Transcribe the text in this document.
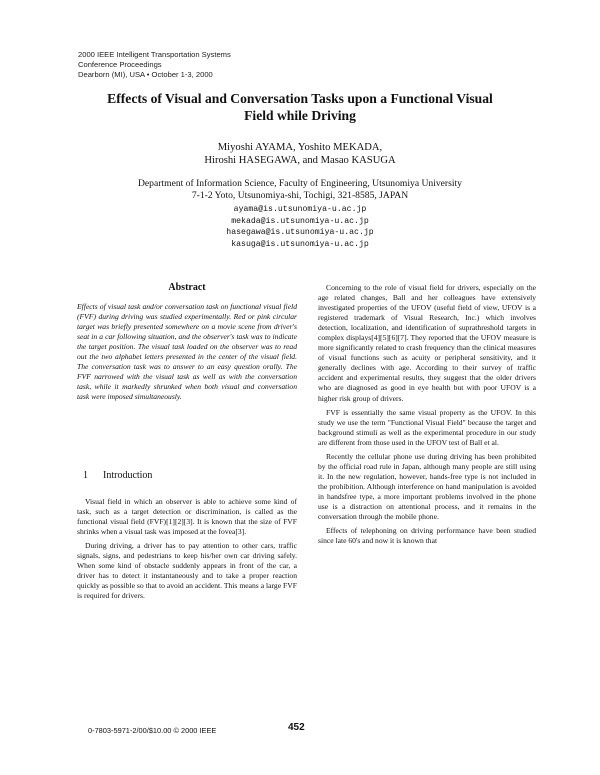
2000 IEEE Intelligent Transportation Systems
Conference Proceedings
Dearborn (MI), USA • October 1-3, 2000
Effects of Visual and Conversation Tasks upon a Functional Visual
Field while Driving
Miyoshi AYAMA, Yoshito MEKADA,
Hiroshi HASEGAWA, and Masao KASUGA
Department of Information Science, Faculty of Engineering, Utsunomiya University
7-1-2 Yoto, Utsunomiya-shi, Tochigi, 321-8585, JAPAN
ayama@is.utsunomiya-u.ac.jp
mekada@is.utsunomiya-u.ac.jp
hasegawa@is.utsunomiya-u.ac.jp
kasuga@is.utsunomiya-u.ac.jp
Abstract

Effects of visual task and/or conversation task on functional visual field (FVF) during driving was studied experimentally. Red or pink circular target was briefly presented somewhere on a movie scene from driver's seat in a car following situation, and the observer's task was to indicate the target position. The visual task loaded on the observer was to read out the two alphabet letters presented in the center of the visual field. The conversation task was to answer to an easy question orally. The FVF narrowed with the visual task as well as with the conversation task, while it markedly shrunked when both visual and conversation task were imposed simultaneously.

1 Introduction

Visual field in which an observer is able to achieve some kind of task, such as a target detection or discrimination, is called as the functional visual field (FVF)[1][2][3]. It is known that the size of FVF shrinks when a visual task was imposed at the fovea[3].

During driving, a driver has to pay attention to other cars, traffic signals, signs, and pedestrians to keep his/her own car driving safely. When some kind of obstacle suddenly appears in front of the car, a driver has to detect it instantaneously and to take a proper reaction quickly as possible so that to avoid an accident. This means a large FVF is required for drivers.

Concerning to the role of visual field for drivers, especially on the age related changes, Ball and her colleagues have extensively investigated properties of the UFOV (useful field of view, UFOV is a registered trademark of Visual Research, Inc.) which involves detection, localization, and identification of suprathreshold targets in complex displays[4][5][6][7]. They reported that the UFOV measure is more significantly related to crash frequency than the clinical measures of visual functions such as acuity or peripheral sensitivity, and it generally declines with age. According to their survey of traffic accident and experimental results, they suggest that the older drivers who are diagnosed as good in eye health but with poor UFOV is a higher risk group of drivers.

FVF is essentially the same visual property as the UFOV. In this study we use the term "Functional Visual Field" because the target and background stimuli as well as the experimental procedure in our study are different from those used in the UFOV test of Ball et al.

Recently the cellular phone use during driving has been prohibited by the official road rule in Japan, although many people are still using it. In the new regulation, however, hands-free type is not included in the prohibition. Although interference on hand manipulation is avoided in handsfree type, a more important problems involved in the phone use is a distraction on attentional process, and it remains in the conversation through the mobile phone.

Effects of telephoning on driving performance have been studied since late 60's and now it is known that

0-7803-5971-2/00/$10.00 © 2000 IEEE	452
